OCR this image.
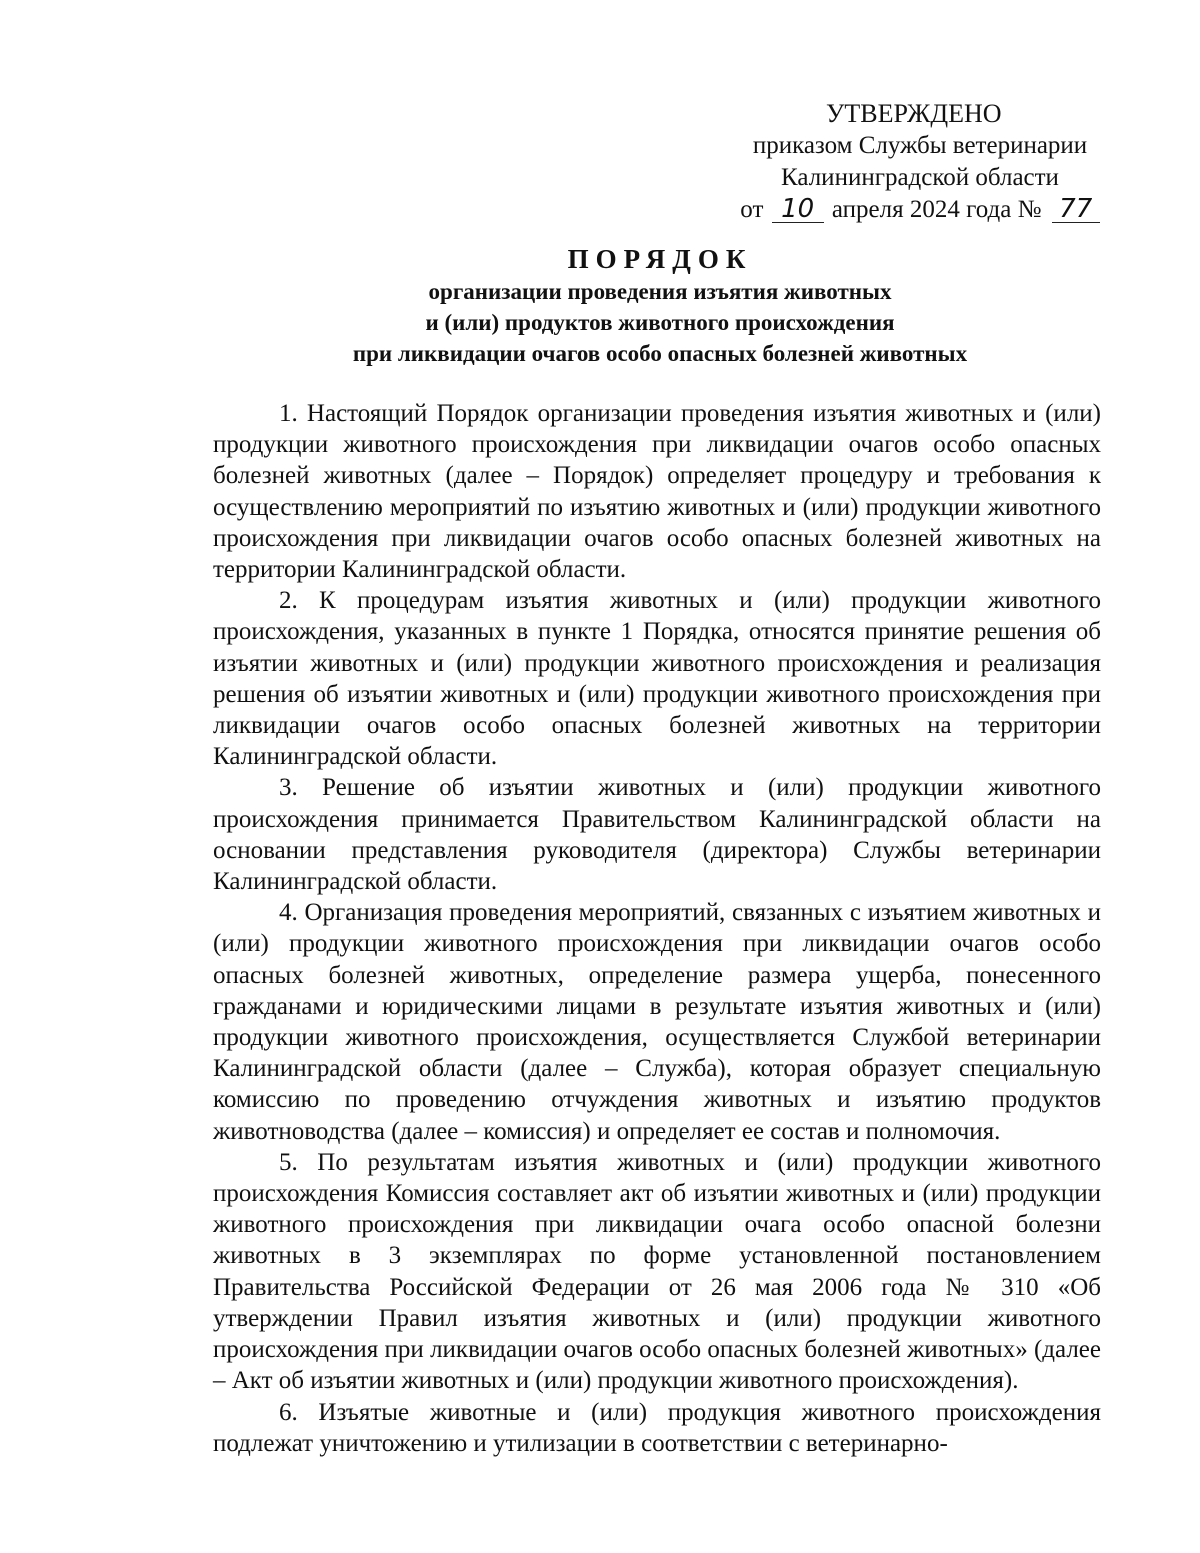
УТВЕРЖДЕНО
приказом Службы ветеринарии
Калининградской области
от 10 апреля 2024 года № 77
ПОРЯДОК
организации проведения изъятия животных
и (или) продуктов животного происхождения
при ликвидации очагов особо опасных болезней животных

1. Настоящий Порядок организации проведения изъятия животных и (или) продукции животного происхождения при ликвидации очагов особо опасных болезней животных (далее – Порядок) определяет процедуру и требования к осуществлению мероприятий по изъятию животных и (или) продукции животного происхождения при ликвидации очагов особо опасных болезней животных на территории Калининградской области.

2. К процедурам изъятия животных и (или) продукции животного происхождения, указанных в пункте 1 Порядка, относятся принятие решения об изъятии животных и (или) продукции животного происхождения и реализация решения об изъятии животных и (или) продукции животного происхождения при ликвидации очагов особо опасных болезней животных на территории Калининградской области.

3. Решение об изъятии животных и (или) продукции животного происхождения принимается Правительством Калининградской области на основании представления руководителя (директора) Службы ветеринарии Калининградской области.

4. Организация проведения мероприятий, связанных с изъятием животных и (или) продукции животного происхождения при ликвидации очагов особо опасных болезней животных, определение размера ущерба, понесенного гражданами и юридическими лицами в результате изъятия животных и (или) продукции животного происхождения, осуществляется Службой ветеринарии Калининградской области (далее – Служба), которая образует специальную комиссию по проведению отчуждения животных и изъятию продуктов животноводства (далее – комиссия) и определяет ее состав и полномочия.

5. По результатам изъятия животных и (или) продукции животного происхождения Комиссия составляет акт об изъятии животных и (или) продукции животного происхождения при ликвидации очага особо опасной болезни животных в 3 экземплярах по форме установленной постановлением Правительства Российской Федерации от 26 мая 2006 года № 310 «Об утверждении Правил изъятия животных и (или) продукции животного происхождения при ликвидации очагов особо опасных болезней животных» (далее – Акт об изъятии животных и (или) продукции животного происхождения).

6. Изъятые животные и (или) продукция животного происхождения подлежат уничтожению и утилизации в соответствии с ветеринарно-
